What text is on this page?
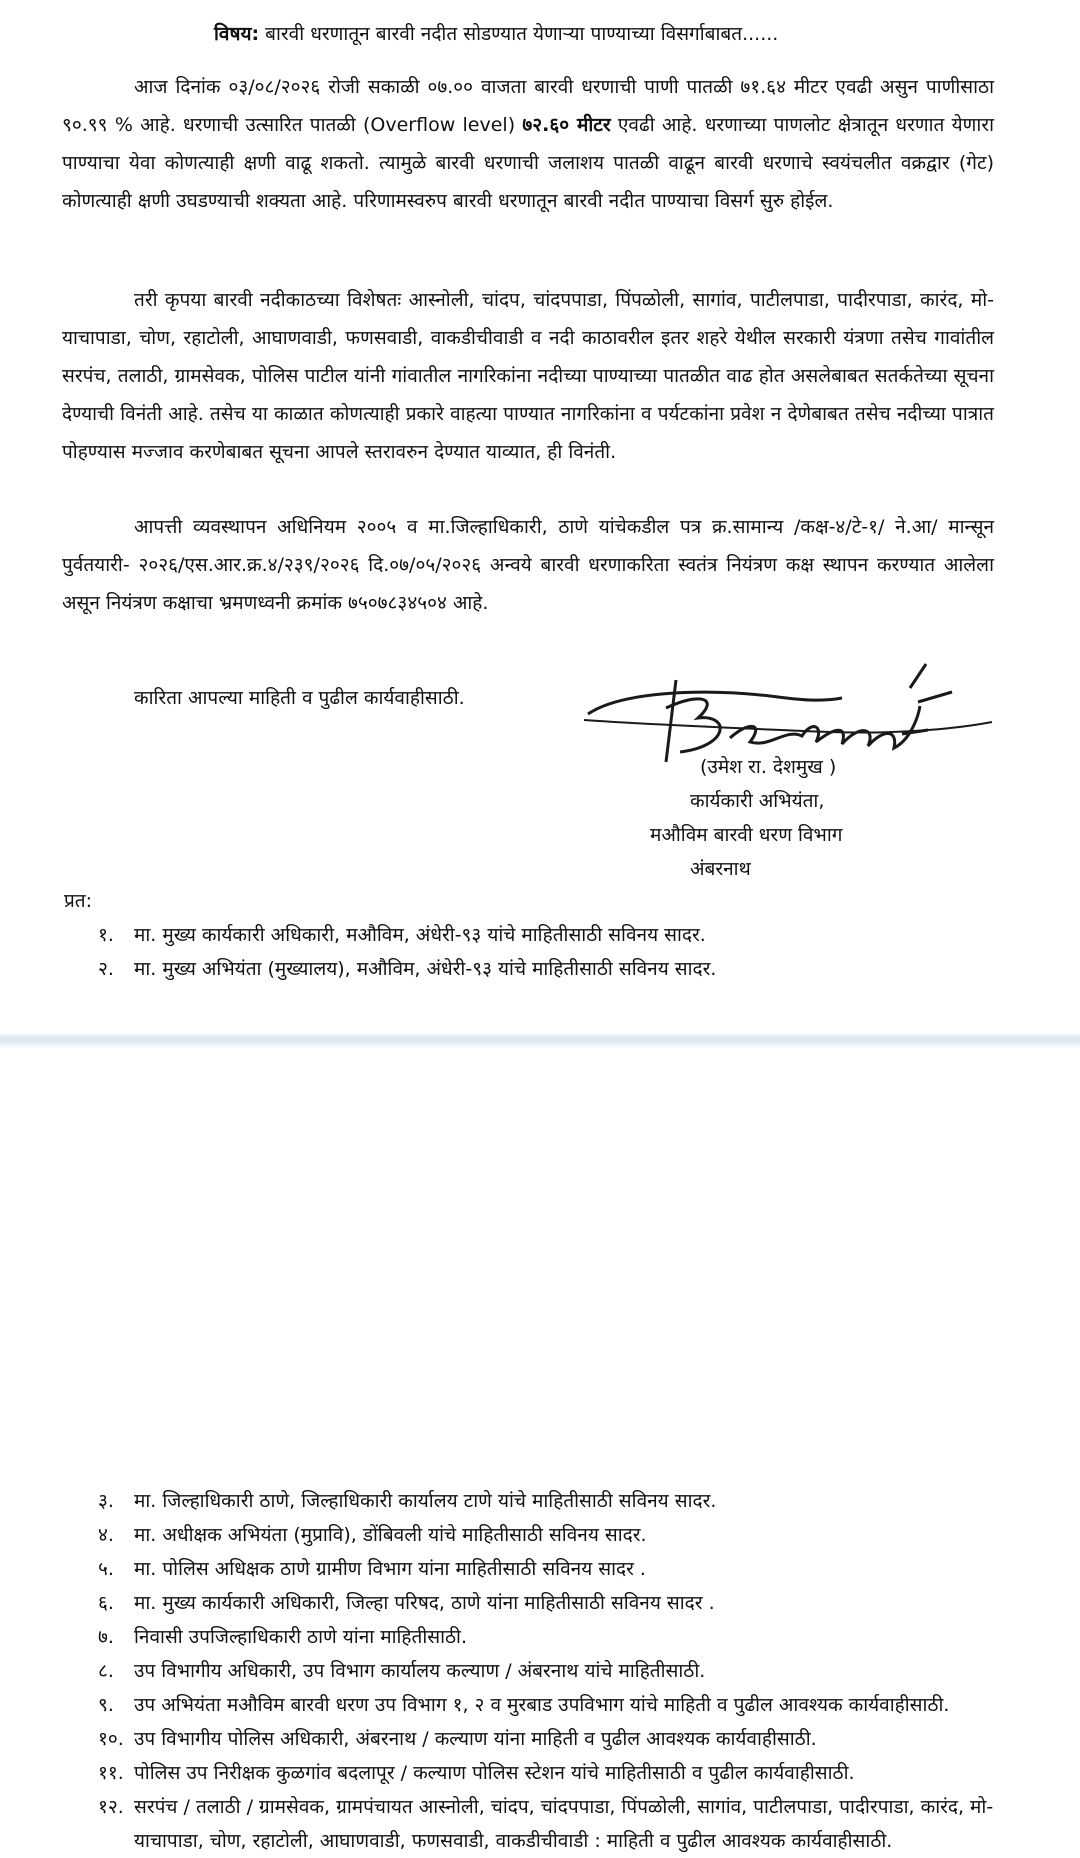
विषय: बारवी धरणातून बारवी नदीत सोडण्यात येणाऱ्या पाण्याच्या विसर्गाबाबत......

आज दिनांक ०३/०८/२०२६ रोजी सकाळी ०७.०० वाजता बारवी धरणाची पाणी पातळी ७१.६४ मीटर एवढी असुन पाणीसाठा ९०.९९ % आहे. धरणाची उत्सारित पातळी (Overflow level) ७२.६० मीटर एवढी आहे. धरणाच्या पाणलोट क्षेत्रातून धरणात येणारा पाण्याचा येवा कोणत्याही क्षणी वाढू शकतो. त्यामुळे बारवी धरणाची जलाशय पातळी वाढून बारवी धरणाचे स्वयंचलीत वक्रद्वार (गेट) कोणत्याही क्षणी उघडण्याची शक्यता आहे. परिणामस्वरुप बारवी धरणातून बारवी नदीत पाण्याचा विसर्ग सुरु होईल.

तरी कृपया बारवी नदीकाठच्या विशेषतः आस्नोली, चांदप, चांदपपाडा, पिंपळोली, सागांव, पाटीलपाडा, पादीरपाडा, कारंद, मो-याचापाडा, चोण, रहाटोली, आघाणवाडी, फणसवाडी, वाकडीचीवाडी व नदी काठावरील इतर शहरे येथील सरकारी यंत्रणा तसेच गावांतील सरपंच, तलाठी, ग्रामसेवक, पोलिस पाटील यांनी गांवातील नागरिकांना नदीच्या पाण्याच्या पातळीत वाढ होत असलेबाबत सतर्कतेच्या सूचना देण्याची विनंती आहे. तसेच या काळात कोणत्याही प्रकारे वाहत्या पाण्यात नागरिकांना व पर्यटकांना प्रवेश न देणेबाबत तसेच नदीच्या पात्रात पोहण्यास मज्जाव करणेबाबत सूचना आपले स्तरावरुन देण्यात याव्यात, ही विनंती.

आपत्ती व्यवस्थापन अधिनियम २००५ व मा.जिल्हाधिकारी, ठाणे यांचेकडील पत्र क्र.सामान्य /कक्ष-४/टे-१/ ने.आ/ मान्सून पुर्वतयारी- २०२६/एस.आर.क्र.४/२३९/२०२६ दि.०७/०५/२०२६ अन्वये बारवी धरणाकरिता स्वतंत्र नियंत्रण कक्ष स्थापन करण्यात आलेला असून नियंत्रण कक्षाचा भ्रमणध्वनी क्रमांक ७५०७८३४५०४ आहे.

कारिता आपल्या माहिती व पुढील कार्यवाहीसाठी.
(उमेश रा. देशमुख )
कार्यकारी अभियंता,
मऔविम बारवी धरण विभाग
अंबरनाथ
प्रत:
१.	मा. मुख्य कार्यकारी अधिकारी, मऔविम, अंधेरी-९३ यांचे माहितीसाठी सविनय सादर.
२.	मा. मुख्य अभियंता (मुख्यालय), मऔविम, अंधेरी-९३ यांचे माहितीसाठी सविनय सादर.
३.	मा. जिल्हाधिकारी ठाणे, जिल्हाधिकारी कार्यालय टाणे यांचे माहितीसाठी सविनय सादर.
४.	मा. अधीक्षक अभियंता (मुप्रावि), डोंबिवली यांचे माहितीसाठी सविनय सादर.
५.	मा. पोलिस अधिक्षक ठाणे ग्रामीण विभाग यांना माहितीसाठी सविनय सादर .
६.	मा. मुख्य कार्यकारी अधिकारी, जिल्हा परिषद, ठाणे यांना माहितीसाठी सविनय सादर .
७.	निवासी उपजिल्हाधिकारी ठाणे यांना माहितीसाठी.
८.	उप विभागीय अधिकारी, उप विभाग कार्यालय कल्याण / अंबरनाथ यांचे माहितीसाठी.
९.	उप अभियंता मऔविम बारवी धरण उप विभाग १, २ व मुरबाड उपविभाग यांचे माहिती व पुढील आवश्यक कार्यवाहीसाठी.
१०. उप विभागीय पोलिस अधिकारी, अंबरनाथ / कल्याण यांना माहिती व पुढील आवश्यक कार्यवाहीसाठी.
११. पोलिस उप निरीक्षक कुळगांव बदलापूर / कल्याण पोलिस स्टेशन यांचे माहितीसाठी व पुढील कार्यवाहीसाठी.
१२. सरपंच / तलाठी / ग्रामसेवक, ग्रामपंचायत आस्नोली, चांदप, चांदपपाडा, पिंपळोली, सागांव, पाटीलपाडा, पादीरपाडा, कारंद, मो-याचापाडा, चोण, रहाटोली, आघाणवाडी, फणसवाडी, वाकडीचीवाडी : माहिती व पुढील आवश्यक कार्यवाहीसाठी.
